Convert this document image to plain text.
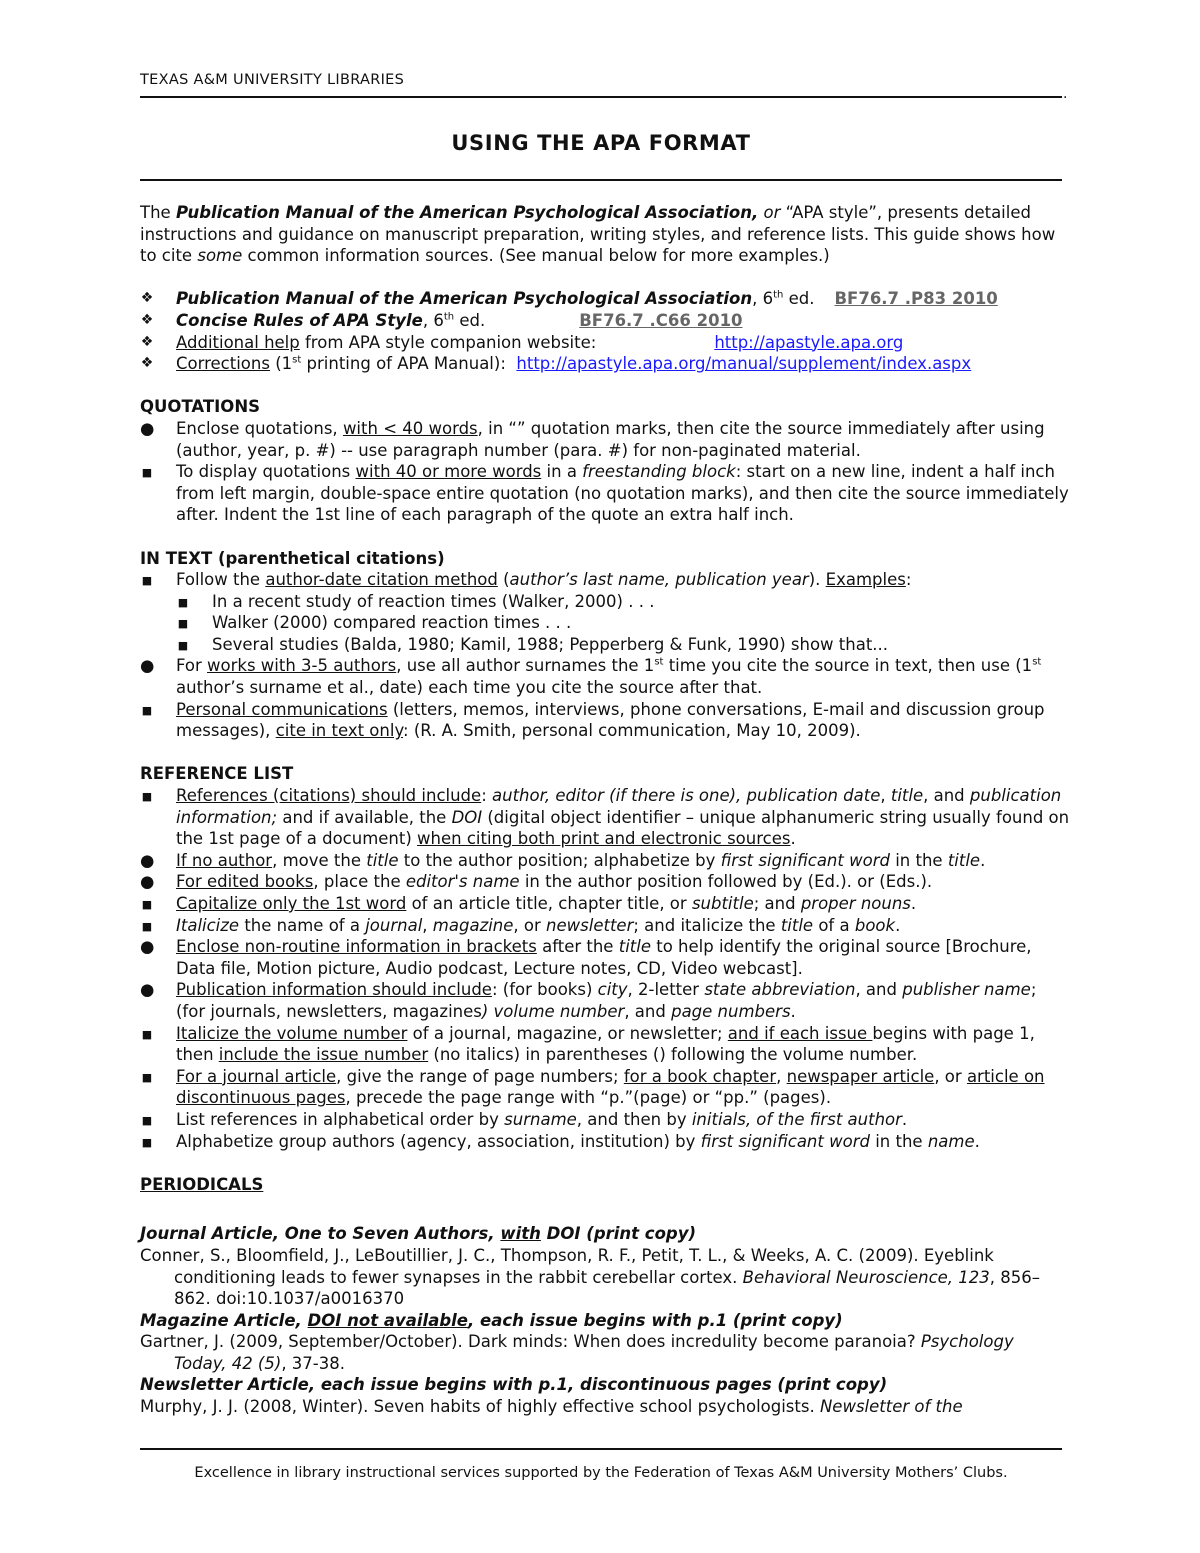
TEXAS A&M UNIVERSITY LIBRARIES
.
USING THE APA FORMAT

The Publication Manual of the American Psychological Association, or “APA style”, presents detailed instructions and guidance on manuscript preparation, writing styles, and reference lists. This guide shows how to cite some common information sources. (See manual below for more examples.)

❖ Publication Manual of the American Psychological Association, 6th ed. BF76.7 .P83 2010
❖ Concise Rules of APA Style, 6th ed.	BF76.7 .C66 2010
❖ Additional help from APA style companion website:	http://apastyle.apa.org
❖ Corrections (1st printing of APA Manual): http://apastyle.apa.org/manual/supplement/index.aspx

QUOTATIONS

● Enclose quotations, with < 40 words, in “” quotation marks, then cite the source immediately after using (author, year, p. #) -- use paragraph number (para. #) for non-paginated material.
■ To display quotations with 40 or more words in a freestanding block: start on a new line, indent a half inch from left margin, double-space entire quotation (no quotation marks), and then cite the source immediately after. Indent the 1st line of each paragraph of the quote an extra half inch.

IN TEXT (parenthetical citations)

■ Follow the author-date citation method (author’s last name, publication year). Examples:
■ In a recent study of reaction times (Walker, 2000) . . .
■ Walker (2000) compared reaction times . . .
■ Several studies (Balda, 1980; Kamil, 1988; Pepperberg & Funk, 1990) show that...
● For works with 3-5 authors, use all author surnames the 1st time you cite the source in text, then use (1st author’s surname et al., date) each time you cite the source after that.
■ Personal communications (letters, memos, interviews, phone conversations, E-mail and discussion group messages), cite in text only: (R. A. Smith, personal communication, May 10, 2009).

REFERENCE LIST

■ References (citations) should include: author, editor (if there is one), publication date, title, and publication information; and if available, the DOI (digital object identifier – unique alphanumeric string usually found on the 1st page of a document) when citing both print and electronic sources.
● If no author, move the title to the author position; alphabetize by first significant word in the title.
● For edited books, place the editor's name in the author position followed by (Ed.). or (Eds.).
■ Capitalize only the 1st word of an article title, chapter title, or subtitle; and proper nouns.
■ Italicize the name of a journal, magazine, or newsletter; and italicize the title of a book.
● Enclose non-routine information in brackets after the title to help identify the original source [Brochure, Data file, Motion picture, Audio podcast, Lecture notes, CD, Video webcast].
● Publication information should include: (for books) city, 2-letter state abbreviation, and publisher name; (for journals, newsletters, magazines) volume number, and page numbers.
■ Italicize the volume number of a journal, magazine, or newsletter; and if each issue begins with page 1, then include the issue number (no italics) in parentheses () following the volume number.
■ For a journal article, give the range of page numbers; for a book chapter, newspaper article, or article on discontinuous pages, precede the page range with “p.”(page) or “pp.” (pages).
■ List references in alphabetical order by surname, and then by initials, of the first author.
■ Alphabetize group authors (agency, association, institution) by first significant word in the name.

PERIODICALS

Journal Article, One to Seven Authors, with DOI (print copy)

Conner, S., Bloomfield, J., LeBoutillier, J. C., Thompson, R. F., Petit, T. L., & Weeks, A. C. (2009). Eyeblink conditioning leads to fewer synapses in the rabbit cerebellar cortex. Behavioral Neuroscience, 123, 856–862. doi:10.1037/a0016370

Magazine Article, DOI not available, each issue begins with p.1 (print copy)

Gartner, J. (2009, September/October). Dark minds: When does incredulity become paranoia? Psychology Today, 42 (5), 37-38.

Newsletter Article, each issue begins with p.1, discontinuous pages (print copy)

Murphy, J. J. (2008, Winter). Seven habits of highly effective school psychologists. Newsletter of the

Excellence in library instructional services supported by the Federation of Texas A&M University Mothers’ Clubs.
